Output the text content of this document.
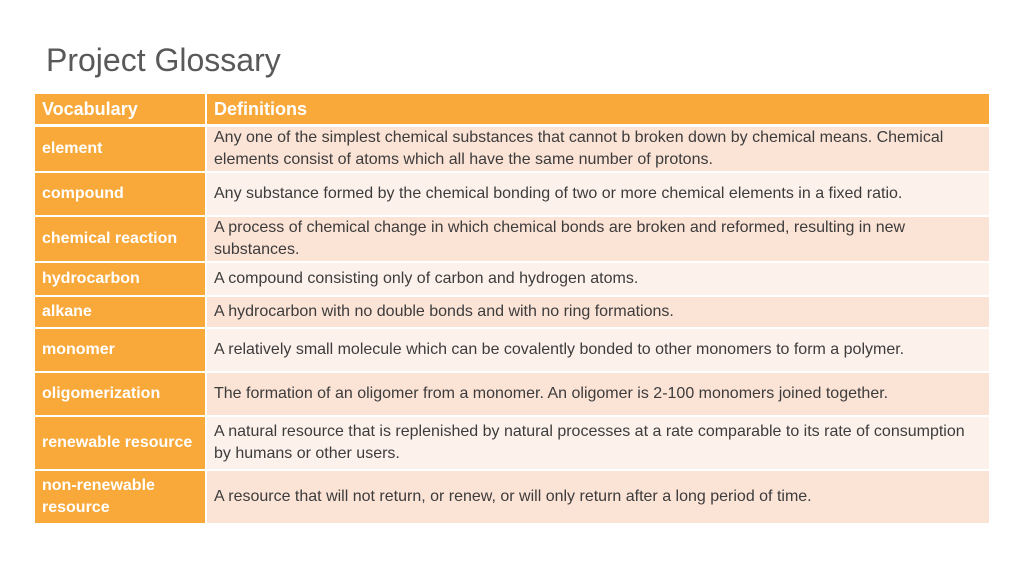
Project Glossary
Vocabulary	Definitions
element	Any one of the simplest chemical substances that cannot b broken down by chemical means. Chemical elements consist of atoms which all have the same number of protons.
compound	Any substance formed by the chemical bonding of two or more chemical elements in a fixed ratio.
chemical reaction	A process of chemical change in which chemical bonds are broken and reformed, resulting in new substances.
hydrocarbon	A compound consisting only of carbon and hydrogen atoms.
alkane	A hydrocarbon with no double bonds and with no ring formations.
monomer	A relatively small molecule which can be covalently bonded to other monomers to form a polymer.
oligomerization	The formation of an oligomer from a monomer. An oligomer is 2-100 monomers joined together.
renewable resource	A natural resource that is replenished by natural processes at a rate comparable to its rate of consumption by humans or other users.
non-renewable resource	A resource that will not return, or renew, or will only return after a long period of time.
